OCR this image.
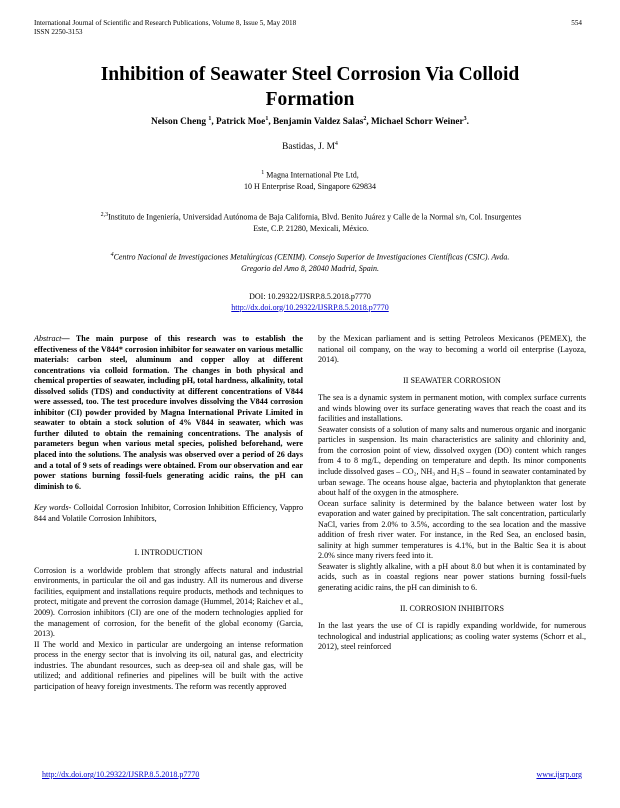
International Journal of Scientific and Research Publications, Volume 8, Issue 5, May 2018
ISSN 2250-3153
554
Inhibition of Seawater Steel Corrosion Via Colloid
Formation
Nelson Cheng $^1$, Patrick Moe$^1$, Benjamin Valdez Salas$^2$, Michael Schorr Weiner$^3$.
Bastidas, J. $M^4$
$^1$ Magna International Pte Ltd,
10 H Enterprise Road, Singapore 629834
$^{2,3}$Instituto de Ingeniería, Universidad Autónoma de Baja California, Blvd. Benito Juárez y Calle de la Normal s/n, Col. Insurgentes
Este, C.P. 21280, Mexicali, México.
$^4$Centro Nacional de Investigaciones Metalúrgicas (CENIM). Consejo Superior de Investigaciones Científicas (CSIC). Avda.
Gregorio del Amo 8, 28040 Madrid, Spain.
DOI: 10.29322/IJSRP.8.5.2018.p7770
http://dx.doi.org/10.29322/IJSRP.8.5.2018.p7770

Abstract— The main purpose of this research was to establish the effectiveness of the V844* corrosion inhibitor for seawater on various metallic materials: carbon steel, aluminum and copper alloy at different concentrations via colloid formation. The changes in both physical and chemical properties of seawater, including pH, total hardness, alkalinity, total dissolved solids (TDS) and conductivity at different concentrations of V844 were assessed, too. The test procedure involves dissolving the V844 corrosion inhibitor (CI) powder provided by Magna International Private Limited in seawater to obtain a stock solution of 4% V844 in seawater, which was further diluted to obtain the remaining concentrations. The analysis of parameters begun when various metal species, polished beforehand, were placed into the solutions. The analysis was observed over a period of 26 days and a total of 9 sets of readings were obtained. From our observation and ear power stations burning fossil-fuels generating acidic rains, the pH can diminish to 6.

Key words- Colloidal Corrosion Inhibitor, Corrosion Inhibition Efficiency, Vappro 844 and Volatile Corrosion Inhibitors,

I. INTRODUCTION

Corrosion is a worldwide problem that strongly affects natural and industrial environments, in particular the oil and gas industry. All its numerous and diverse facilities, equipment and installations require products, methods and techniques to protect, mitigate and prevent the corrosion damage (Hummel, 2014; Raichev et al., 2009). Corrosion inhibitors (CI) are one of the modern technologies applied for the management of corrosion, for the benefit of the global economy (Garcia, 2013).

II The world and Mexico in particular are undergoing an intense reformation process in the energy sector that is involving its oil, natural gas, and electricity industries. The abundant resources, such as deep-sea oil and shale gas, will be utilized; and additional refineries and pipelines will be built with the active participation of heavy foreign investments. The reform was recently approved

by the Mexican parliament and is setting Petroleos Mexicanos (PEMEX), the national oil company, on the way to becoming a world oil enterprise (Layoza, 2014).

II SEAWATER CORROSION

The sea is a dynamic system in permanent motion, with complex surface currents and winds blowing over its surface generating waves that reach the coast and its facilities and installations.

Seawater consists of a solution of many salts and numerous organic and inorganic particles in suspension. Its main characteristics are salinity and chlorinity and, from the corrosion point of view, dissolved oxygen (DO) content which ranges from 4 to 8 mg/L, depending on temperature and depth. Its minor components include dissolved gases – CO₂, NH₃ and H₂S – found in seawater contaminated by urban sewage. The oceans house algae, bacteria and phytoplankton that generate about half of the oxygen in the atmosphere.

Ocean surface salinity is determined by the balance between water lost by evaporation and water gained by precipitation. The salt concentration, particularly NaCl, varies from 2.0% to 3.5%, according to the sea location and the massive addition of fresh river water. For instance, in the Red Sea, an enclosed basin, salinity at high summer temperatures is 4.1%, but in the Baltic Sea it is about 2.0% since many rivers feed into it.

Seawater is slightly alkaline, with a pH about 8.0 but when it is contaminated by acids, such as in coastal regions near power stations burning fossil-fuels generating acidic rains, the pH can diminish to 6.

II. CORROSION INHIBITORS

In the last years the use of CI is rapidly expanding worldwide, for numerous technological and industrial applications; as cooling water systems (Schorr et al., 2012), steel reinforced

http://dx.doi.org/10.29322/IJSRP.8.5.2018.p7770	www.ijsrp.org
